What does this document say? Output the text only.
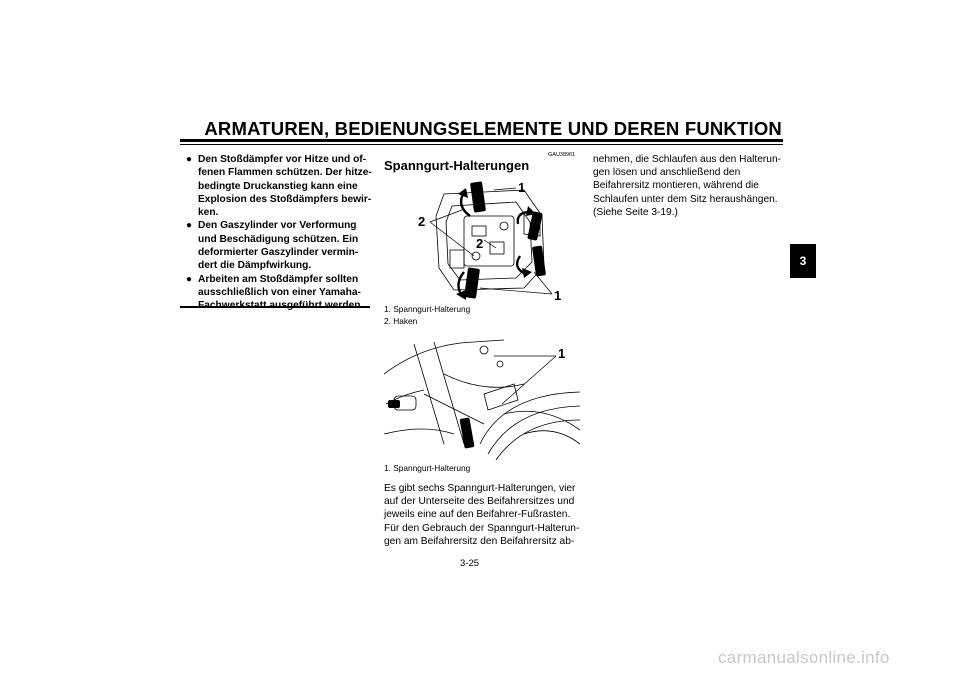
ARMATUREN, BEDIENUNGSELEMENTE UND DEREN FUNKTION
● Den Stoßdämpfer vor Hitze und of-
fenen Flammen schützen. Der hitze-
bedingte Druckanstieg kann eine
Explosion des Stoßdämpfers bewir-
ken.
● Den Gaszylinder vor Verformung
und Beschädigung schützen. Ein
deformierter Gaszylinder vermin-
dert die Dämpfwirkung.
● Arbeiten am Stoßdämpfer sollten
ausschließlich von einer Yamaha-
GAU38961
Spanngurt-Halterungen
1
2
2
1
1. Spanngurt-Halterung
2. Haken
1
1. Spanngurt-Halterung
Es gibt sechs Spanngurt-Halterungen, vier
auf der Unterseite des Beifahrersitzes und
jeweils eine auf den Beifahrer-Fußrasten.
Für den Gebrauch der Spanngurt-Halterun-
gen am Beifahrersitz den Beifahrersitz ab-
nehmen, die Schlaufen aus den Halterun-
gen lösen und anschließend den
Beifahrersitz montieren, während die
Schlaufen unter dem Sitz heraushängen.
(Siehe Seite 3-19.)
3-25
3
carmanualsonline.info
